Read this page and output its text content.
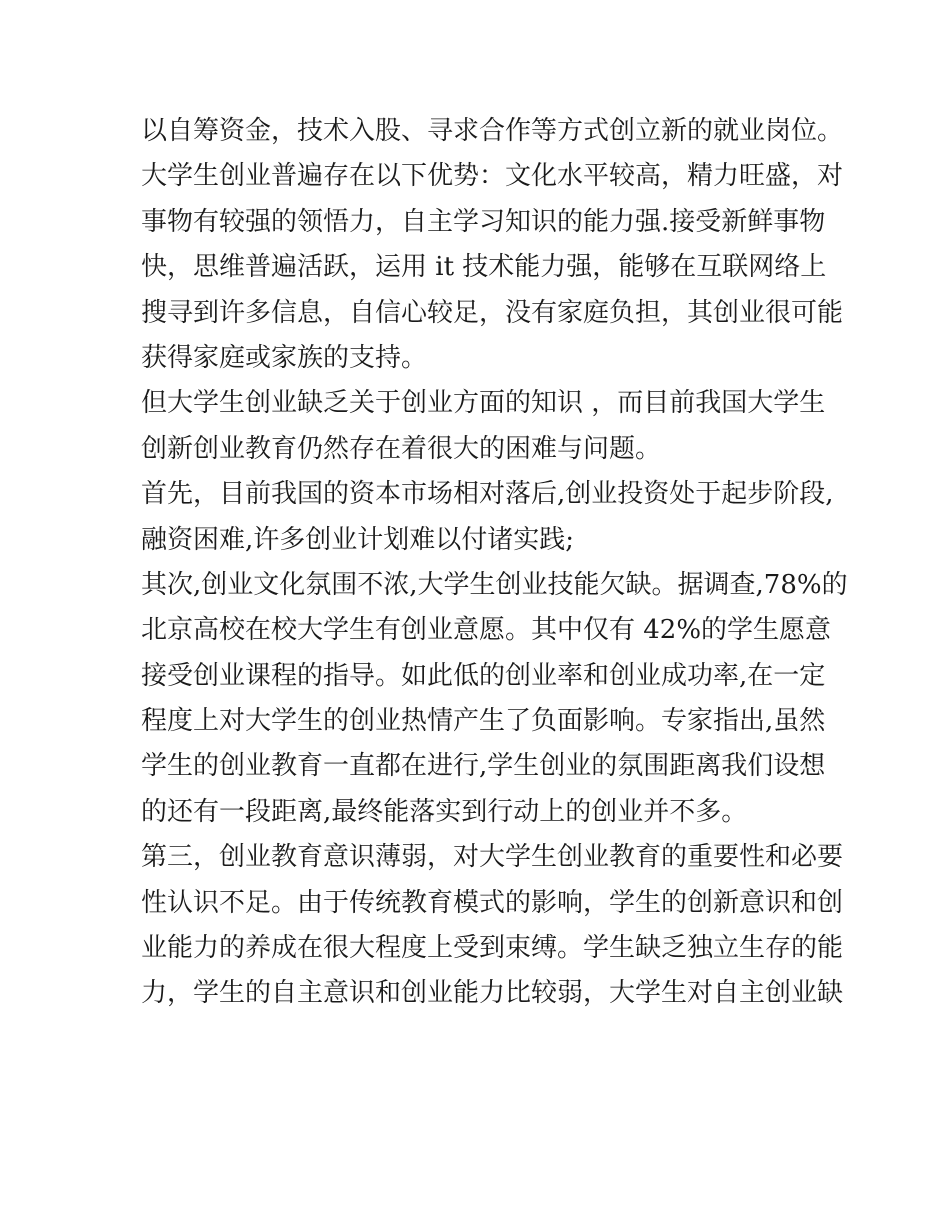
以自筹资金，技术入股、寻求合作等方式创立新的就业岗位。
大学生创业普遍存在以下优势：文化水平较高，精力旺盛，对
事物有较强的领悟力，自主学习知识的能力强.接受新鲜事物
快，思维普遍活跃，运用 it 技术能力强，能够在互联网络上
搜寻到许多信息，自信心较足，没有家庭负担，其创业很可能
获得家庭或家族的支持。
但大学生创业缺乏关于创业方面的知识 ，而目前我国大学生
创新创业教育仍然存在着很大的困难与问题。
首先，目前我国的资本市场相对落后,创业投资处于起步阶段,
融资困难,许多创业计划难以付诸实践;
其次,创业文化氛围不浓,大学生创业技能欠缺。据调查,78%的
北京高校在校大学生有创业意愿。其中仅有 42%的学生愿意
接受创业课程的指导。如此低的创业率和创业成功率,在一定
程度上对大学生的创业热情产生了负面影响。专家指出,虽然
学生的创业教育一直都在进行,学生创业的氛围距离我们设想
的还有一段距离,最终能落实到行动上的创业并不多。
第三，创业教育意识薄弱，对大学生创业教育的重要性和必要
性认识不足。由于传统教育模式的影响，学生的创新意识和创
业能力的养成在很大程度上受到束缚。学生缺乏独立生存的能
力，学生的自主意识和创业能力比较弱，大学生对自主创业缺
